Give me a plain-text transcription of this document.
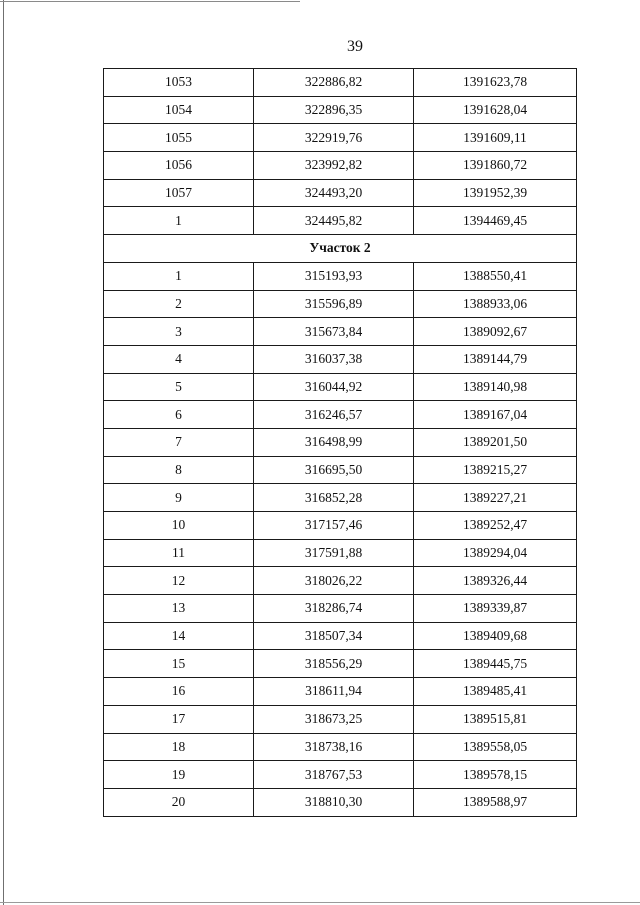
39
1053	322886,82	1391623,78
1054	322896,35	1391628,04
1055	322919,76	1391609,11
1056	323992,82	1391860,72
1057	324493,20	1391952,39
1	324495,82	1394469,45
Участок 2		
1	315193,93	1388550,41
2	315596,89	1388933,06
3	315673,84	1389092,67
4	316037,38	1389144,79
5	316044,92	1389140,98
6	316246,57	1389167,04
7	316498,99	1389201,50
8	316695,50	1389215,27
9	316852,28	1389227,21
10	317157,46	1389252,47
11	317591,88	1389294,04
12	318026,22	1389326,44
13	318286,74	1389339,87
14	318507,34	1389409,68
15	318556,29	1389445,75
16	318611,94	1389485,41
17	318673,25	1389515,81
18	318738,16	1389558,05
19	318767,53	1389578,15
20	318810,30	1389588,97
